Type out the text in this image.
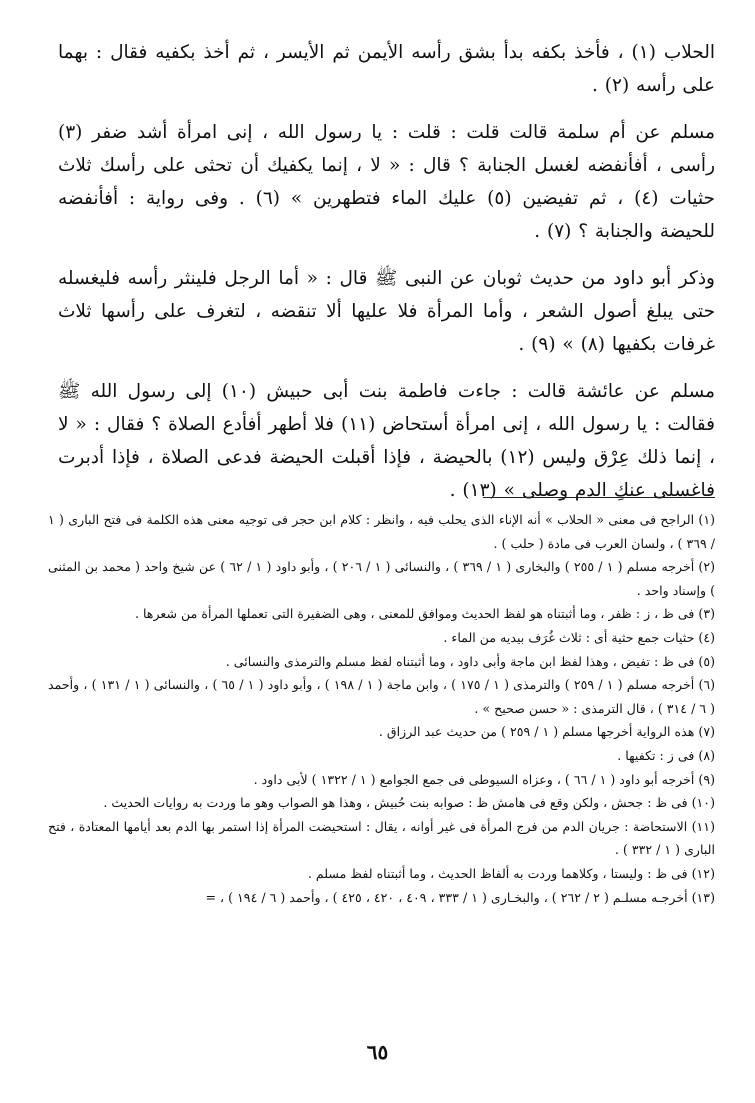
الحلاب (١) ، فأخذ بكفه بدأ بشق رأسه الأيمن ثم الأيسر ، ثم أخذ بكفيه فقال : بهما على رأسه (٢) .

مسلم عن أم سلمة قالت قلت : قلت : يا رسول الله ، إنى امرأة أشد ضفر (٣) رأسى ، أفأنفضه لغسل الجنابة ؟ قال : « لا ، إنما يكفيك أن تحثى على رأسك ثلاث حثيات (٤) ، ثم تفيضين (٥) عليك الماء فتطهرين » (٦) . وفى رواية : أفأنفضه للحيضة والجنابة ؟ (٧) .

وذكر أبو داود من حديث ثوبان عن النبى ﷺ قال : « أما الرجل فلينثر رأسه فليغسله حتى يبلغ أصول الشعر ، وأما المرأة فلا عليها ألا تنقضه ، لتغرف على رأسها ثلاث غرفات بكفيها (٨) » (٩) .

مسلم عن عائشة قالت : جاءت فاطمة بنت أبى حبيش (١٠) إلى رسول الله ﷺ فقالت : يا رسول الله ، إنى امرأة أستحاض (١١) فلا أطهر أفأدع الصلاة ؟ فقال : « لا ، إنما ذلك عِرْق وليس (١٢) بالحيضة ، فإذا أقبلت الحيضة فدعى الصلاة ، فإذا أدبرت فاغسلى عنكِ الدم وصلى » (١٣) .

(١) الراجح فى معنى « الحلاب » أنه الإناء الذى يحلب فيه ، وانظر : كلام ابن حجر فى توجيه معنى هذه الكلمة فى فتح البارى ( ١ / ٣٦٩ ) ، ولسان العرب فى مادة ( حلب ) .

(٢) أخرجه مسلم ( ١ / ٢٥٥ ) والبخارى ( ١ / ٣٦٩ ) ، والنسائى ( ١ / ٢٠٦ ) ، وأبو داود ( ١ / ٦٢ ) عن شيخ واحد ( محمد بن المثنى ) وإسناد واحد .

(٣) فى ظ ، ز : ظفر ، وما أثبتناه هو لفظ الحديث وموافق للمعنى ، وهى الضفيرة التى تعملها المرأة من شعرها .

(٤) حثيات جمع حثية أى : ثلاث غُرَف بيديه من الماء .

(٥) فى ظ : تفيض ، وهذا لفظ ابن ماجة وأبى داود ، وما أثبتناه لفظ مسلم والترمذى والنسائى .

(٦) أخرجه مسلم ( ١ / ٢٥٩ ) والترمذى ( ١ / ١٧٥ ) ، وابن ماجة ( ١ / ١٩٨ ) ، وأبو داود ( ١ / ٦٥ ) ، والنسائى ( ١ / ١٣١ ) ، وأحمد ( ٦ / ٣١٤ ) ، قال الترمذى : « حسن صحيح » .

(٧) هذه الرواية أخرجها مسلم ( ١ / ٢٥٩ ) من حديث عبد الرزاق .

(٨) فى ز : تكفيها .

(٩) أخرجه أبو داود ( ١ / ٦٦ ) ، وعزاه السيوطى فى جمع الجوامع ( ١ / ١٣٢٢ ) لأبى داود .

(١٠) فى ظ : جحش ، ولكن وقع فى هامش ظ : صوابه بنت حُبيش ، وهذا هو الصواب وهو ما وردت به روايات الحديث .

(١١) الاستحاضة : جريان الدم من فرج المرأة فى غير أوانه ، يقال : استحيضت المرأة إذا استمر بها الدم بعد أيامها المعتادة ، فتح البارى ( ١ / ٣٣٢ ) .

(١٢) فى ظ : وليستا ، وكلاهما وردت به ألفاظ الحديث ، وما أثبتناه لفظ مسلم .

(١٣) أخرجـه مسلـم ( ٢ / ٢٦٢ ) ، والبخـارى ( ١ / ٣٣٣ ، ٤٠٩ ، ٤٢٠ ، ٤٢٥ ) ، وأحمد ( ٦ / ١٩٤ ) ، =

٦٥
